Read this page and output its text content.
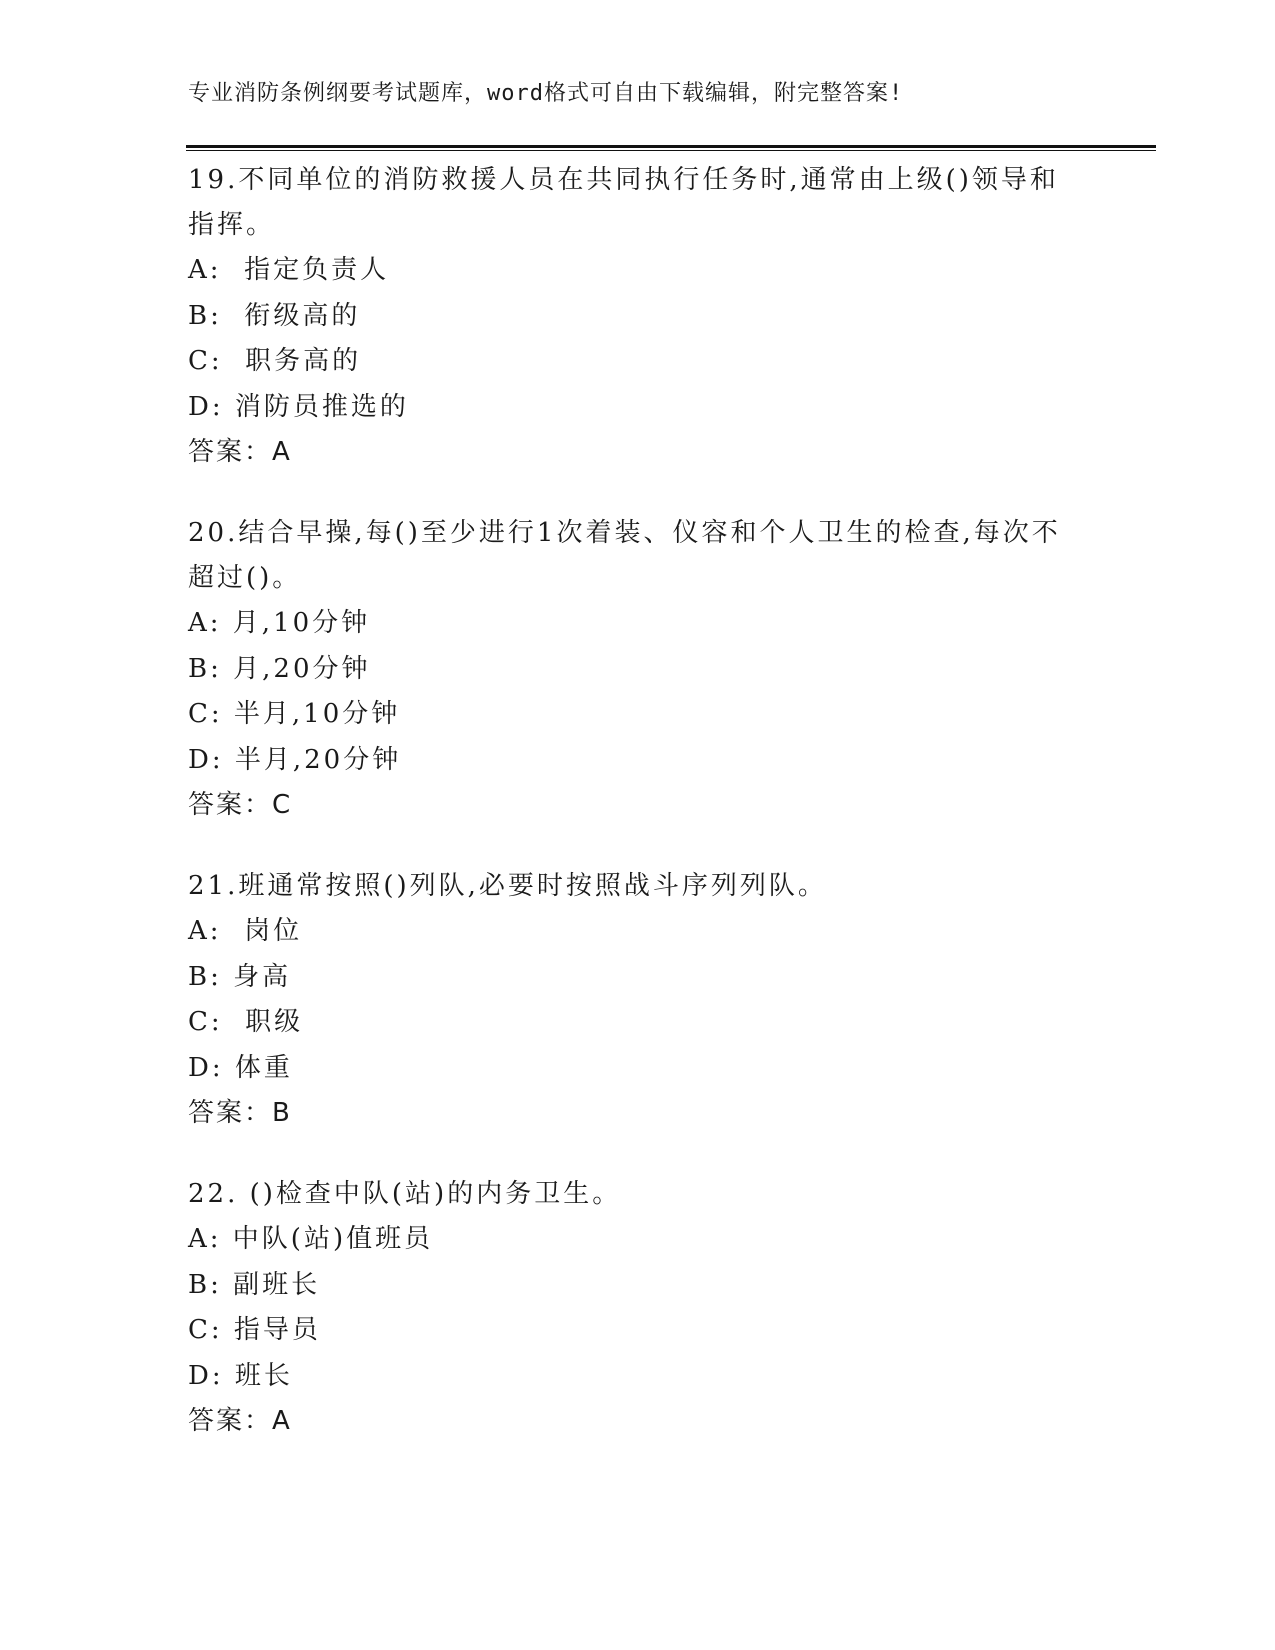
专业消防条例纲要考试题库，word格式可自由下载编辑，附完整答案!
19.不同单位的消防救援人员在共同执行任务时,通常由上级()领导和
指挥。
A:  指定负责人
B:  衔级高的
C:  职务高的
D: 消防员推选的
答案：A
20.结合早操,每()至少进行1次着装、仪容和个人卫生的检查,每次不
超过()。
A: 月,10分钟
B: 月,20分钟
C: 半月,10分钟
D: 半月,20分钟
答案：C
21.班通常按照()列队,必要时按照战斗序列列队。
A:  岗位
B: 身高
C:  职级
D: 体重
答案：B
22. ()检查中队(站)的内务卫生。
A: 中队(站)值班员
B: 副班长
C: 指导员
D: 班长
答案：A
